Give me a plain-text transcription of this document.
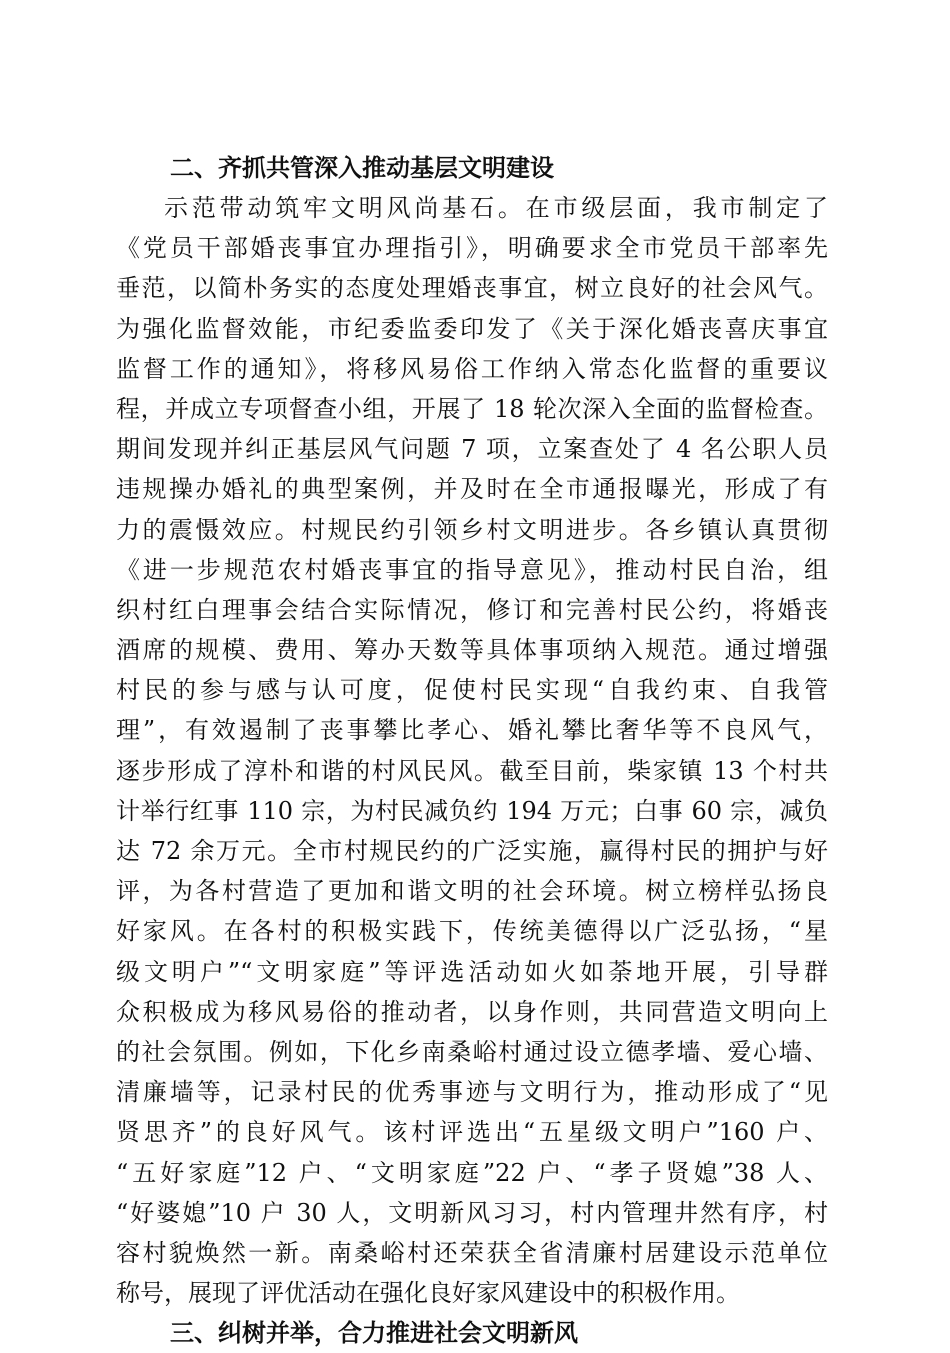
二、齐抓共管深入推动基层文明建设
示范带动筑牢文明风尚基石。在市级层面，我市制定了
《党员干部婚丧事宜办理指引》，明确要求全市党员干部率先
垂范，以简朴务实的态度处理婚丧事宜，树立良好的社会风气。
为强化监督效能，市纪委监委印发了《关于深化婚丧喜庆事宜
监督工作的通知》，将移风易俗工作纳入常态化监督的重要议
程，并成立专项督查小组，开展了 18 轮次深入全面的监督检查。
期间发现并纠正基层风气问题 7 项，立案查处了 4 名公职人员
违规操办婚礼的典型案例，并及时在全市通报曝光，形成了有
力的震慑效应。村规民约引领乡村文明进步。各乡镇认真贯彻
《进一步规范农村婚丧事宜的指导意见》，推动村民自治，组
织村红白理事会结合实际情况，修订和完善村民公约，将婚丧
酒席的规模、费用、筹办天数等具体事项纳入规范。通过增强
村民的参与感与认可度，促使村民实现“自我约束、自我管
理”，有效遏制了丧事攀比孝心、婚礼攀比奢华等不良风气，
逐步形成了淳朴和谐的村风民风。截至目前，柴家镇 13 个村共
计举行红事 110 宗，为村民减负约 194 万元；白事 60 宗，减负
达 72 余万元。全市村规民约的广泛实施，赢得村民的拥护与好
评，为各村营造了更加和谐文明的社会环境。树立榜样弘扬良
好家风。在各村的积极实践下，传统美德得以广泛弘扬，“星
级文明户”“文明家庭”等评选活动如火如荼地开展，引导群
众积极成为移风易俗的推动者，以身作则，共同营造文明向上
的社会氛围。例如，下化乡南桑峪村通过设立德孝墙、爱心墙、
清廉墙等，记录村民的优秀事迹与文明行为，推动形成了“见
贤思齐”的良好风气。该村评选出“五星级文明户”160 户、
“五好家庭”12 户、“文明家庭”22 户、“孝子贤媳”38 人、
“好婆媳”10 户 30 人，文明新风习习，村内管理井然有序，村
容村貌焕然一新。南桑峪村还荣获全省清廉村居建设示范单位
称号，展现了评优活动在强化良好家风建设中的积极作用。
三、纠树并举，合力推进社会文明新风
